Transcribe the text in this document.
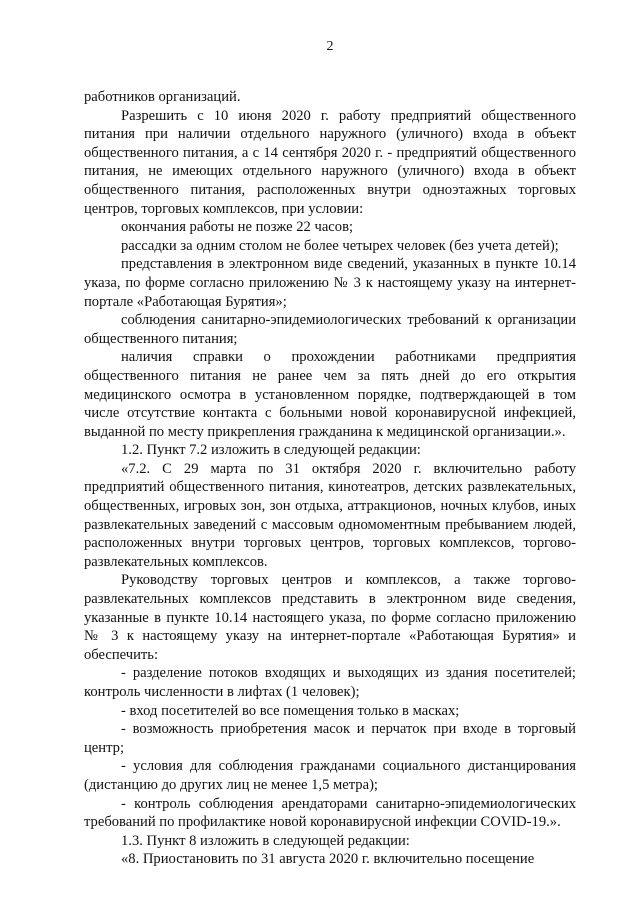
2

работников организаций.

Разрешить с 10 июня 2020 г. работу предприятий общественного питания при наличии отдельного наружного (уличного) входа в объект общественного питания, а с 14 сентября 2020 г. - предприятий общественного питания, не имеющих отдельного наружного (уличного) входа в объект общественного питания, расположенных внутри одноэтажных торговых центров, торговых комплексов, при условии:

окончания работы не позже 22 часов;

рассадки за одним столом не более четырех человек (без учета детей);

представления в электронном виде сведений, указанных в пункте 10.14 указа, по форме согласно приложению № 3 к настоящему указу на интернет-портале «Работающая Бурятия»;

соблюдения санитарно-эпидемиологических требований к организации общественного питания;

наличия справки о прохождении работниками предприятия общественного питания не ранее чем за пять дней до его открытия медицинского осмотра в установленном порядке, подтверждающей в том числе отсутствие контакта с больными новой коронавирусной инфекцией, выданной по месту прикрепления гражданина к медицинской организации.».

1.2. Пункт 7.2 изложить в следующей редакции:

«7.2. С 29 марта по 31 октября 2020 г. включительно работу предприятий общественного питания, кинотеатров, детских развлекательных, общественных, игровых зон, зон отдыха, аттракционов, ночных клубов, иных развлекательных заведений с массовым одномоментным пребыванием людей, расположенных внутри торговых центров, торговых комплексов, торгово-развлекательных комплексов.

Руководству торговых центров и комплексов, а также торгово-развлекательных комплексов представить в электронном виде сведения, указанные в пункте 10.14 настоящего указа, по форме согласно приложению № 3 к настоящему указу на интернет-портале «Работающая Бурятия» и обеспечить:

- разделение потоков входящих и выходящих из здания посетителей; контроль численности в лифтах (1 человек);

- вход посетителей во все помещения только в масках;

- возможность приобретения масок и перчаток при входе в торговый центр;

- условия для соблюдения гражданами социального дистанцирования (дистанцию до других лиц не менее 1,5 метра);

- контроль соблюдения арендаторами санитарно-эпидемиологических требований по профилактике новой коронавирусной инфекции COVID-19.».

1.3. Пункт 8 изложить в следующей редакции:

«8. Приостановить по 31 августа 2020 г. включительно посещение
